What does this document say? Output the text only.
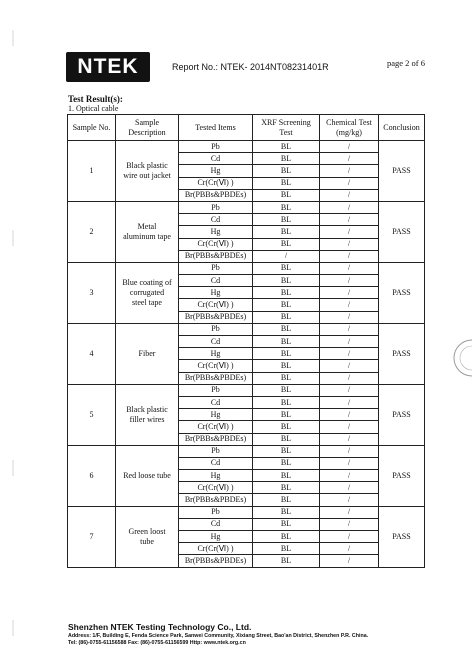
NTEK	Report No.: NTEK- 2014NT08231401R	page 2 of 6
Test Result(s):
1. Optical cable
Sample No.	Sample Description	Tested Items	XRF Screening Test	Chemical Test (mg/kg)	Conclusion
1	Black plastic wire out jacket	Pb	BL	/	PASS
		Cd	BL	/	
		Hg	BL	/	
		Cr(Cr(Ⅵ) )	BL	/	
		Br(PBBs&PBDEs)	BL	/	
2	Metal aluminum tape	Pb	BL	/	PASS
		Cd	BL	/	
		Hg	BL	/	
		Cr(Cr(Ⅵ) )	BL	/	
		Br(PBBs&PBDEs)	/	/	
3	Blue coating of corrugated steel tape	Pb	BL	/	PASS
		Cd	BL	/	
		Hg	BL	/	
		Cr(Cr(Ⅵ) )	BL	/	
		Br(PBBs&PBDEs)	BL	/	
4	Fiber	Pb	BL	/	PASS
		Cd	BL	/	
		Hg	BL	/	
		Cr(Cr(Ⅵ) )	BL	/	
		Br(PBBs&PBDEs)	BL	/	
5	Black plastic filler wires	Pb	BL	/	PASS
		Cd	BL	/	
		Hg	BL	/	
		Cr(Cr(Ⅵ) )	BL	/	
		Br(PBBs&PBDEs)	BL	/	
6	Red loose tube	Pb	BL	/	PASS
		Cd	BL	/	
		Hg	BL	/	
		Cr(Cr(Ⅵ) )	BL	/	
		Br(PBBs&PBDEs)	BL	/	
7	Green loost tube	Pb	BL	/	PASS
		Cd	BL	/	
		Hg	BL	/	
		Cr(Cr(Ⅵ) )	BL	/	
		Br(PBBs&PBDEs)	BL	/	
Shenzhen NTEK Testing Technology Co., Ltd.
Address: 1/F, Building E, Fenda Science Park, Sanwei Community, Xixiang Street, Bao'an District, Shenzhen P.R. China.
Tel: (86)-0755-61156588 Fax: (86)-0755-61156599 Http: www.ntek.org.cn
